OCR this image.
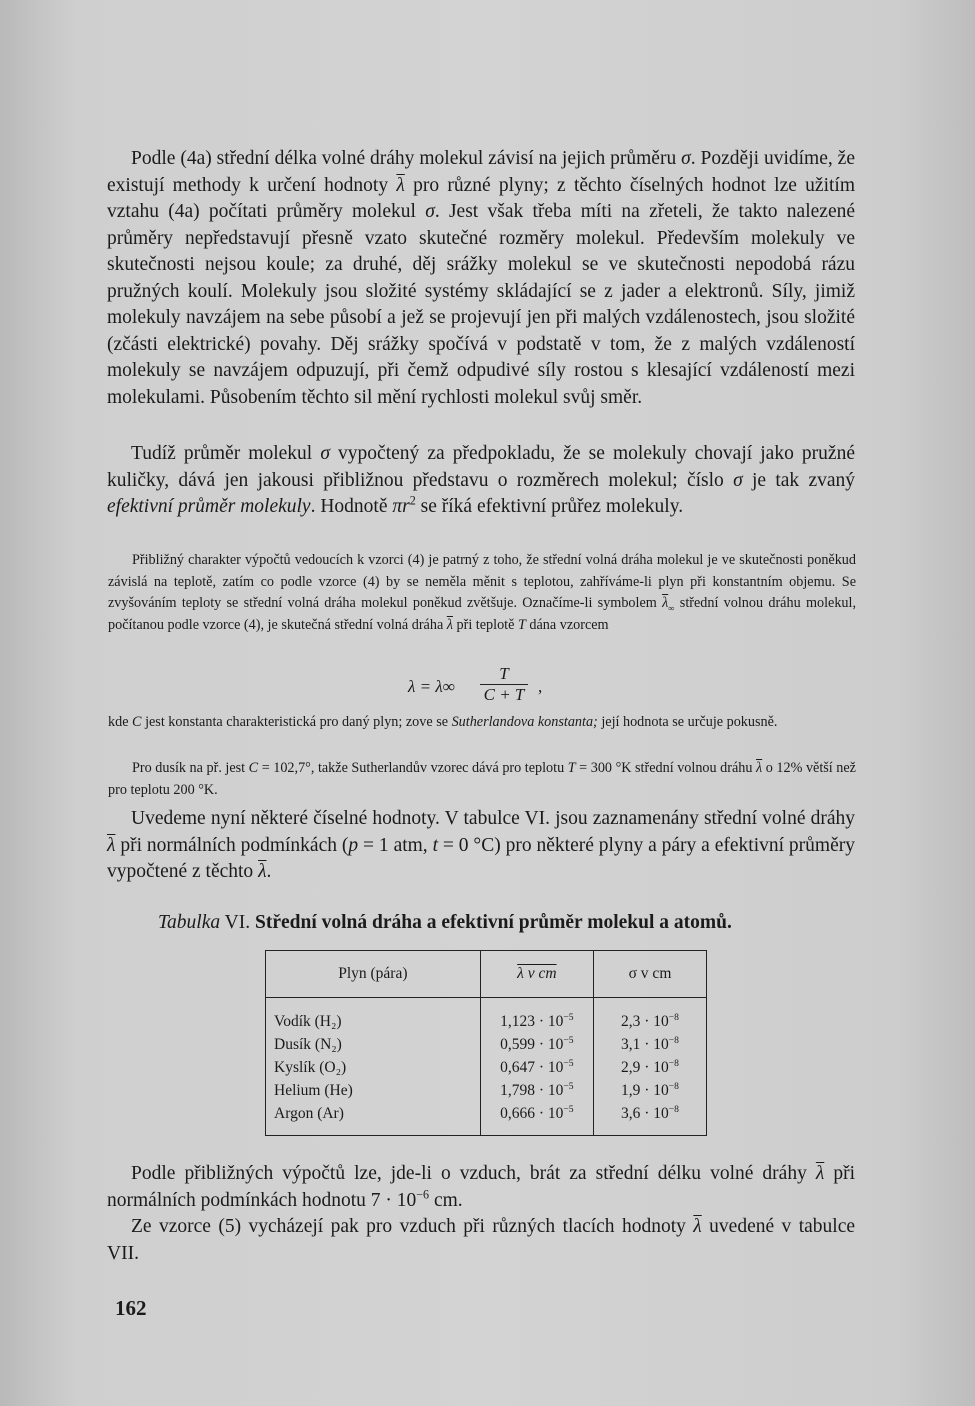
Podle (4a) střední délka volné dráhy molekul závisí na jejich průměru σ. Později uvidíme, že existují methody k určení hodnoty $\overline{\lambda}$ pro různé plyny; z těchto číselných hodnot lze užitím vztahu (4a) počítati průměry molekul σ. Jest však třeba míti na zřeteli, že takto nalezené průměry nepředstavují přesně vzato skutečné rozměry molekul. Především molekuly ve skutečnosti nejsou koule; za druhé, děj srážky molekul se ve skutečnosti nepodobá rázu pružných koulí. Molekuly jsou složité systémy skládající se z jader a elektronů. Síly, jimiž molekuly navzájem na sebe působí a jež se projevují jen při malých vzdálenostech, jsou složité (zčásti elektrické) povahy. Děj srážky spočívá v podstatě v tom, že z malých vzdáleností molekuly se navzájem odpuzují, při čemž odpudivé síly rostou s klesající vzdáleností mezi molekulami. Působením těchto sil mění rychlosti molekul svůj směr.

Tudíž průměr molekul σ vypočtený za předpokladu, že se molekuly chovají jako pružné kuličky, dává jen jakousi přibližnou představu o rozměrech molekul; číslo σ je tak zvaný efektivní průměr molekuly. Hodnotě $\pi r^2$ se říká efektivní průřez molekuly.

Přibližný charakter výpočtů vedoucích k vzorci (4) je patrný z toho, že střední volná dráha molekul je ve skutečnosti poněkud závislá na teplotě, zatím co podle vzorce (4) by se neměla měnit s teplotou, zahříváme-li plyn při konstantním objemu. Se zvyšováním teploty se střední volná dráha molekul poněkud zvětšuje. Označíme-li symbolem $\overline{\lambda}_\infty$ střední volnou dráhu molekul, počítanou podle vzorce (4), je skutečná střední volná dráha $\overline{\lambda}$ při teplotě T dána vzorcem

λ = λ∞
T
C + T ,

kde C jest konstanta charakteristická pro daný plyn; zove se Sutherlandova konstanta; její hodnota se určuje pokusně.

Pro dusík na př. jest C = 102,7°, takže Sutherlandův vzorec dává pro teplotu T = 300 °K střední volnou dráhu $\overline{\lambda}$ o 12% větší než pro teplotu 200 °K.

Uvedeme nyní některé číselné hodnoty. V tabulce VI. jsou zaznamenány střední volné dráhy $\overline{\lambda}$ při normálních podmínkách (p = 1 atm, t = 0 °C) pro některé plyny a páry a efektivní průměry vypočtené z těchto $\overline{\lambda}$.

Tabulka VI. Střední volná dráha a efektivní průměr molekul a atomů.
Plyn (pára)	λ v cm	σ v cm
Vodík (H₂)	$1,123 \cdot 10^{-5}$	$2,3 \cdot 10^{-8}$
Dusík (N₂)	$0,599 \cdot 10^{-5}$	$3,1 \cdot 10^{-8}$
Kyslík (O₂)	$0,647 \cdot 10^{-5}$	$2,9 \cdot 10^{-8}$
Helium (He)	$1,798 \cdot 10^{-5}$	$1,9 \cdot 10^{-8}$
Argon (Ar)	$0,666 \cdot 10^{-5}$	$3,6 \cdot 10^{-8}$

Podle přibližných výpočtů lze, jde-li o vzduch, brát za střední délku volné dráhy $\overline{\lambda}$ při normálních podmínkách hodnotu $7 \cdot 10^{-6}$ cm.

Ze vzorce (5) vycházejí pak pro vzduch při různých tlacích hodnoty $\overline{\lambda}$ uvedené v tabulce VII.

162
